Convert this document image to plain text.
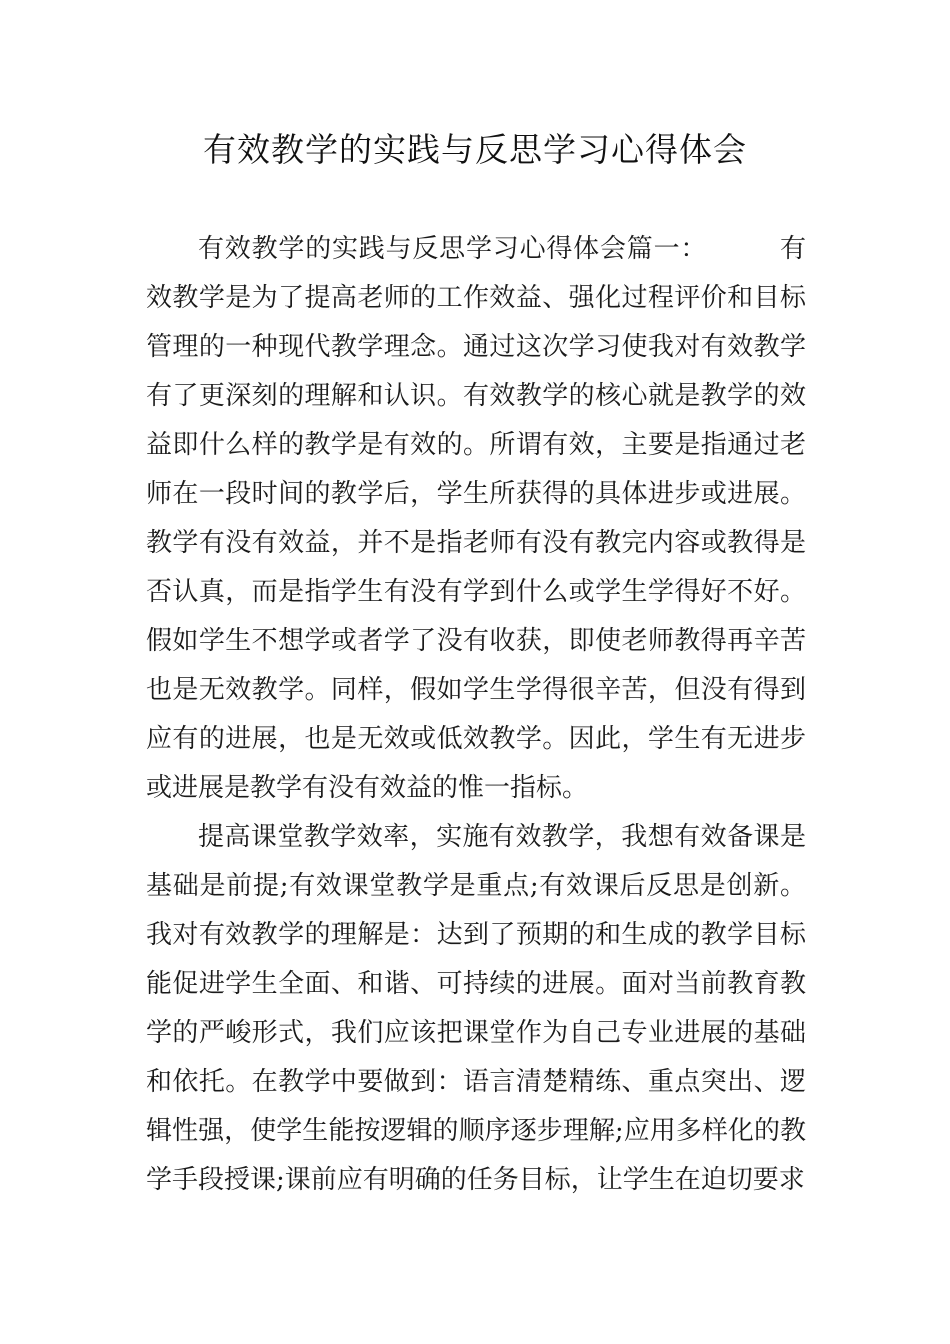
有效教学的实践与反思学习心得体会

有效教学的实践与反思学习心得体会篇一：	有效教学是为了提高老师的工作效益、强化过程评价和目标管理的一种现代教学理念。通过这次学习使我对有效教学有了更深刻的理解和认识。有效教学的核心就是教学的效益即什么样的教学是有效的。所谓有效，主要是指通过老师在一段时间的教学后，学生所获得的具体进步或进展。教学有没有效益，并不是指老师有没有教完内容或教得是否认真，而是指学生有没有学到什么或学生学得好不好。假如学生不想学或者学了没有收获，即使老师教得再辛苦也是无效教学。同样，假如学生学得很辛苦，但没有得到应有的进展，也是无效或低效教学。因此，学生有无进步或进展是教学有没有效益的惟一指标。

提高课堂教学效率，实施有效教学，我想有效备课是基础是前提;有效课堂教学是重点;有效课后反思是创新。我对有效教学的理解是：达到了预期的和生成的教学目标能促进学生全面、和谐、可持续的进展。面对当前教育教学的严峻形式，我们应该把课堂作为自己专业进展的基础和依托。在教学中要做到：语言清楚精练、重点突出、逻辑性强，使学生能按逻辑的顺序逐步理解;应用多样化的教学手段授课;课前应有明确的任务目标，让学生在迫切要求
